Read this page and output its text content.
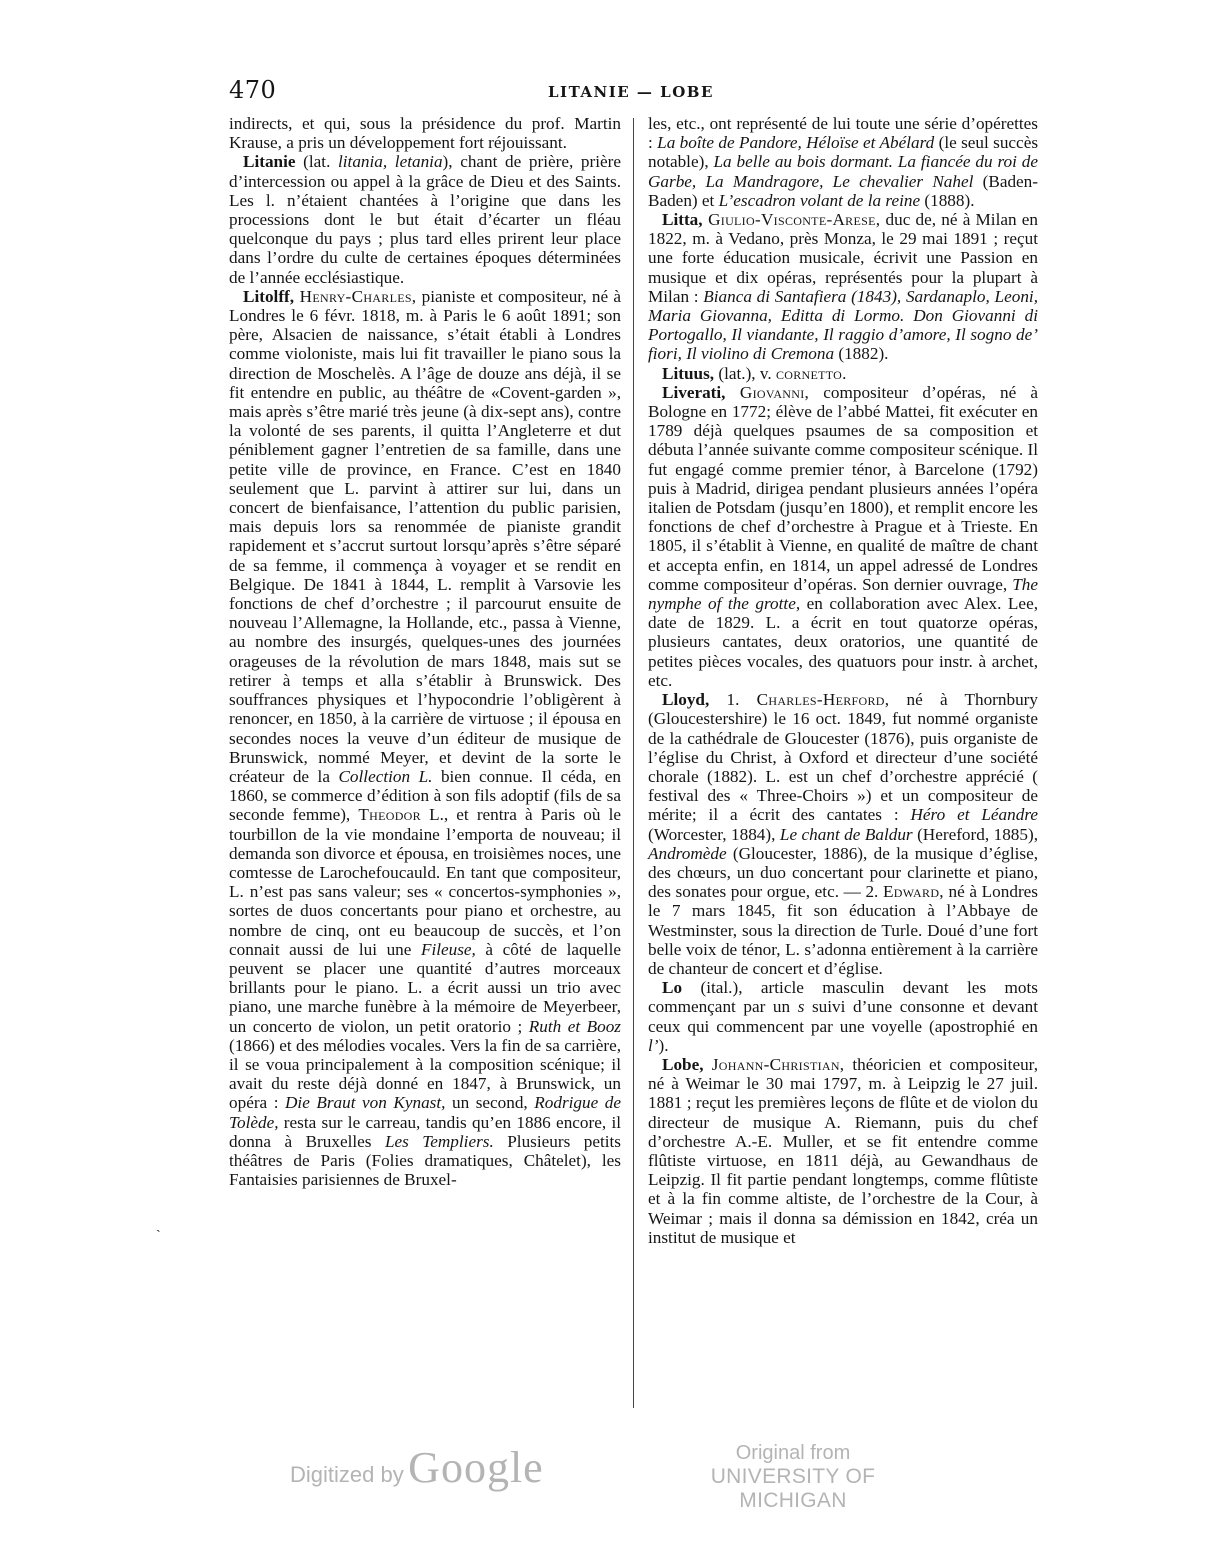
470	LITANIE — LOBE

indirects, et qui, sous la présidence du prof. Martin Krause, a pris un développement fort réjouissant.

Litanie (lat. litania, letania), chant de prière, prière d’intercession ou appel à la grâce de Dieu et des Saints. Les l. n’étaient chantées à l’origine que dans les processions dont le but était d’écarter un fléau quelconque du pays ; plus tard elles prirent leur place dans l’ordre du culte de certaines époques déterminées de l’année ecclésiastique.

Litolff, Henry-Charles, pianiste et compositeur, né à Londres le 6 févr. 1818, m. à Paris le 6 août 1891; son père, Alsacien de naissance, s’était établi à Londres comme violoniste, mais lui fit travailler le piano sous la direction de Moschelès. A l’âge de douze ans déjà, il se fit entendre en public, au théâtre de «Covent-garden », mais après s’être marié très jeune (à dix-sept ans), contre la volonté de ses parents, il quitta l’Angleterre et dut péniblement gagner l’entretien de sa famille, dans une petite ville de province, en France. C’est en 1840 seulement que L. parvint à attirer sur lui, dans un concert de bienfaisance, l’attention du public parisien, mais depuis lors sa renommée de pianiste grandit rapidement et s’accrut surtout lorsqu’après s’être séparé de sa femme, il commença à voyager et se rendit en Belgique. De 1841 à 1844, L. remplit à Varsovie les fonctions de chef d’orchestre ; il parcourut ensuite de nouveau l’Allemagne, la Hollande, etc., passa à Vienne, au nombre des insurgés, quelques-unes des journées orageuses de la révolution de mars 1848, mais sut se retirer à temps et alla s’établir à Brunswick. Des souffrances physiques et l’hypocondrie l’obligèrent à renoncer, en 1850, à la carrière de virtuose ; il épousa en secondes noces la veuve d’un éditeur de musique de Brunswick, nommé Meyer, et devint de la sorte le créateur de la Collection L. bien connue. Il céda, en 1860, se commerce d’édition à son fils adoptif (fils de sa seconde femme), Theodor L., et rentra à Paris où le tourbillon de la vie mondaine l’emporta de nouveau; il demanda son divorce et épousa, en troisièmes noces, une comtesse de Larochefoucauld. En tant que compositeur, L. n’est pas sans valeur; ses « concertos-symphonies », sortes de duos concertants pour piano et orchestre, au nombre de cinq, ont eu beaucoup de succès, et l’on connait aussi de lui une Fileuse, à côté de laquelle peuvent se placer une quantité d’autres morceaux brillants pour le piano. L. a écrit aussi un trio avec piano, une marche funèbre à la mémoire de Meyerbeer, un concerto de violon, un petit oratorio ; Ruth et Booz (1866) et des mélodies vocales. Vers la fin de sa carrière, il se voua principalement à la composition scénique; il avait du reste déjà donné en 1847, à Brunswick, un opéra : Die Braut von Kynast, un second, Rodrigue de Tolède, resta sur le carreau, tandis qu’en 1886 encore, il donna à Bruxelles Les Templiers. Plusieurs petits théâtres de Paris (Folies dramatiques, Châtelet), les Fantaisies parisiennes de Bruxel-

les, etc., ont représenté de lui toute une série d’opérettes : La boîte de Pandore, Héloïse et Abélard (le seul succès notable), La belle au bois dormant. La fiancée du roi de Garbe, La Mandragore, Le chevalier Nahel (Baden-Baden) et L’escadron volant de la reine (1888).

Litta, Giulio-Visconte-Arese, duc de, né à Milan en 1822, m. à Vedano, près Monza, le 29 mai 1891 ; reçut une forte éducation musicale, écrivit une Passion en musique et dix opéras, représentés pour la plupart à Milan : Bianca di Santafiera (1843), Sardanaplo, Leoni, Maria Giovanna, Editta di Lormo. Don Giovanni di Portogallo, Il viandante, Il raggio d’amore, Il sogno de’ fiori, Il violino di Cremona (1882).

Lituus, (lat.), v. cornetto.

Liverati, Giovanni, compositeur d’opéras, né à Bologne en 1772; élève de l’abbé Mattei, fit exécuter en 1789 déjà quelques psaumes de sa composition et débuta l’année suivante comme compositeur scénique. Il fut engagé comme premier ténor, à Barcelone (1792) puis à Madrid, dirigea pendant plusieurs années l’opéra italien de Potsdam (jusqu’en 1800), et remplit encore les fonctions de chef d’orchestre à Prague et à Trieste. En 1805, il s’établit à Vienne, en qualité de maître de chant et accepta enfin, en 1814, un appel adressé de Londres comme compositeur d’opéras. Son dernier ouvrage, The nymphe of the grotte, en collaboration avec Alex. Lee, date de 1829. L. a écrit en tout quatorze opéras, plusieurs cantates, deux oratorios, une quantité de petites pièces vocales, des quatuors pour instr. à archet, etc.

Lloyd, 1. Charles-Herford, né à Thornbury (Gloucestershire) le 16 oct. 1849, fut nommé organiste de la cathédrale de Gloucester (1876), puis organiste de l’église du Christ, à Oxford et directeur d’une société chorale (1882). L. est un chef d’orchestre apprécié ( festival des « Three-Choirs ») et un compositeur de mérite; il a écrit des cantates : Héro et Léandre (Worcester, 1884), Le chant de Baldur (Hereford, 1885), Andromède (Gloucester, 1886), de la musique d’église, des chœurs, un duo concertant pour clarinette et piano, des sonates pour orgue, etc. — 2. Edward, né à Londres le 7 mars 1845, fit son éducation à l’Abbaye de Westminster, sous la direction de Turle. Doué d’une fort belle voix de ténor, L. s’adonna entièrement à la carrière de chanteur de concert et d’église.

Lo (ital.), article masculin devant les mots commençant par un s suivi d’une consonne et devant ceux qui commencent par une voyelle (apostrophié en l’).

Lobe, Johann-Christian, théoricien et compositeur, né à Weimar le 30 mai 1797, m. à Leipzig le 27 juil. 1881 ; reçut les premières leçons de flûte et de violon du directeur de musique A. Riemann, puis du chef d’orchestre A.-E. Muller, et se fit entendre comme flûtiste virtuose, en 1811 déjà, au Gewandhaus de Leipzig. Il fit partie pendant longtemps, comme flûtiste et à la fin comme altiste, de l’orchestre de la Cour, à Weimar ; mais il donna sa démission en 1842, créa un institut de musique et

ˏ
Digitized by Google	Original from
UNIVERSITY OF MICHIGAN
